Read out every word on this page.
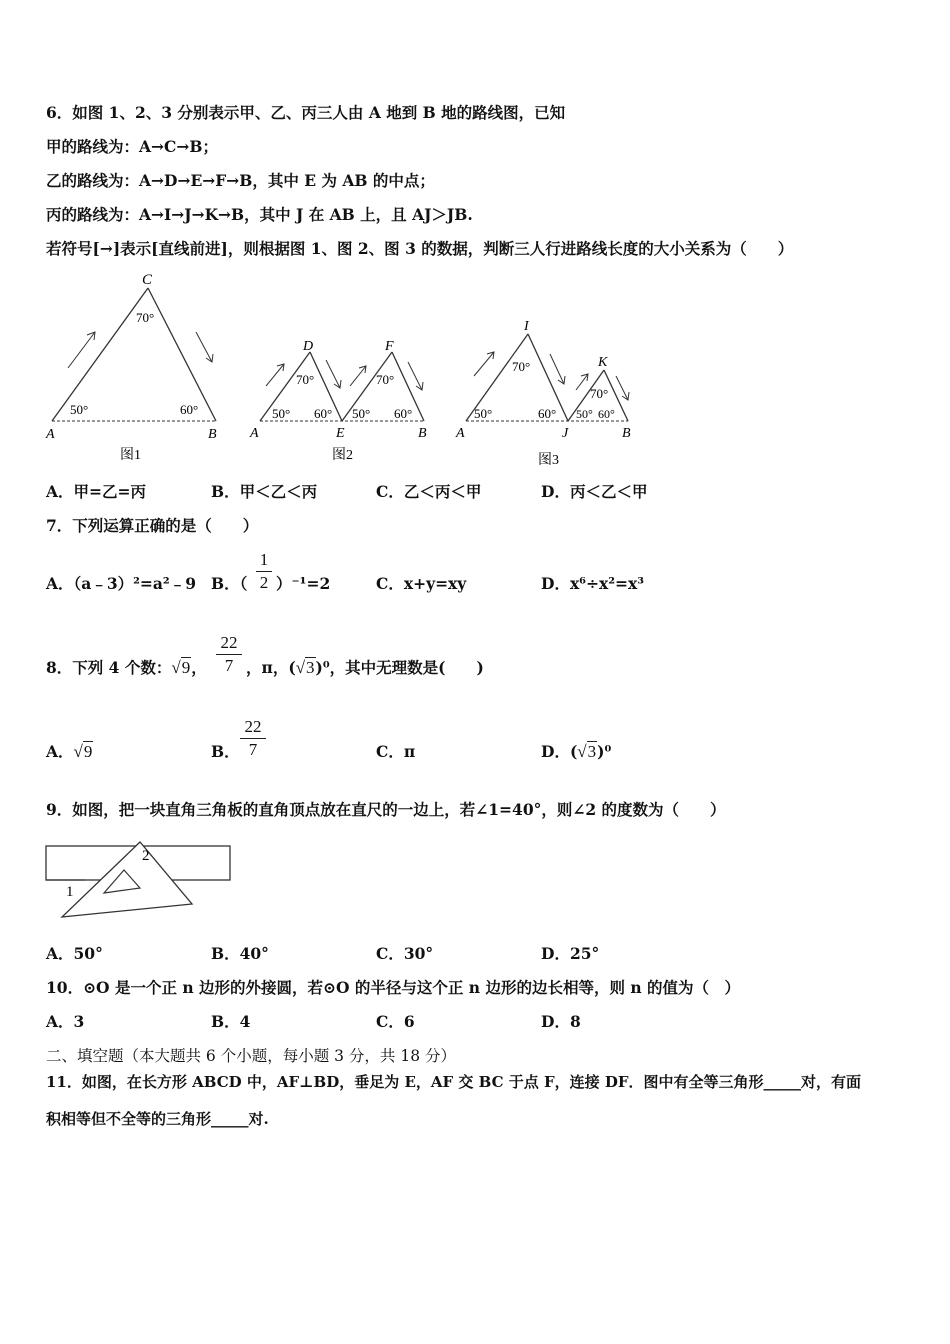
6．如图 1、2、3 分别表示甲、乙、丙三人由 A 地到 B 地的路线图，已知
甲的路线为：A→C→B；
乙的路线为：A→D→E→F→B，其中 E 为 AB 的中点；
丙的路线为：A→I→J→K→B，其中 J 在 AB 上，且 AJ＞JB.
若符号[→]表示[直线前进]，则根据图 1、图 2、图 3 的数据，判断三人行进路线长度的大小关系为（　　）
C
70°
50°	60°
A	B
图1
D	F
70°	70°
50° 60° 50° 60°
A	E	B
图2
I
K
70°
70°
50°	60° 50° 60°
A	J	B
图3
A．甲=乙=丙	B．甲＜乙＜丙	C．乙＜丙＜甲	D．丙＜乙＜甲
7．下列运算正确的是（　　）
A．（a﹣3）²=a²﹣9 B．（
1
2 ）⁻¹=2	C．x+y=xy	D．x⁶÷x²=x³
8．下列 4 个数：√9，
22
7 ，π，(√3)⁰，其中无理数是(　　)
A．√9	B．
22
7	C．π	D．(√3)⁰
9．如图，把一块直角三角板的直角顶点放在直尺的一边上，若∠1=40°，则∠2 的度数为（　　）
1
2
A．50°	B．40°	C．30°	D．25°
10．⊙O 是一个正 n 边形的外接圆，若⊙O 的半径与这个正 n 边形的边长相等，则 n 的值为（　）
A．3	B．4	C．6	D．8
二、填空题（本大题共 6 个小题，每小题 3 分，共 18 分）
11．如图，在长方形 ABCD 中，AF⊥BD，垂足为 E，AF 交 BC 于点 F，连接 DF．图中有全等三角形_____对，有面
积相等但不全等的三角形_____对.
